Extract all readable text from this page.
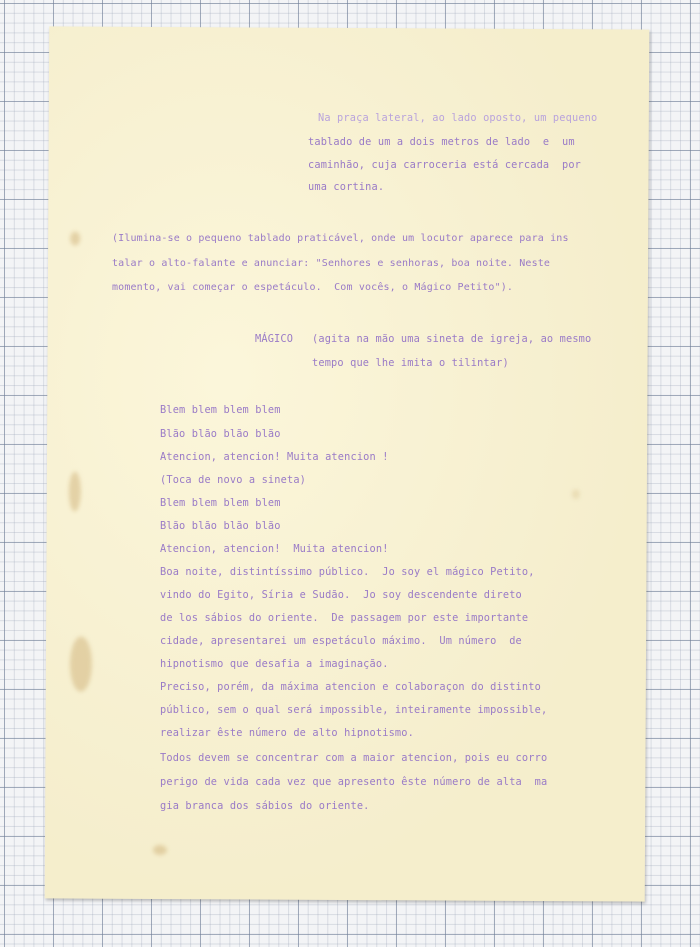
Na praça lateral, ao lado oposto, um pequeno

tablado de um a dois metros de lado  e  um

caminhão, cuja carroceria está cercada  por

uma cortina.

(Ilumina-se o pequeno tablado praticável, onde um locutor aparece para ins

talar o alto-falante e anunciar: "Senhores e senhoras, boa noite. Neste

momento, vai começar o espetáculo.  Com vocês, o Mágico Petito").

MÁGICO (agita na mão uma sineta de igreja, ao mesmo

tempo que lhe imita o tilintar)

Blem blem blem blem

Blão blão blão blão

Atencion, atencion! Muita atencion !

(Toca de novo a sineta)

Blem blem blem blem

Blão blão blão blão

Atencion, atencion!  Muita atencion!

Boa noite, distintíssimo público.  Jo soy el mágico Petito,

vindo do Egito, Síria e Sudão.  Jo soy descendente direto

de los sábios do oriente.  De passagem por este importante

cidade, apresentarei um espetáculo máximo.  Um número  de

hipnotismo que desafia a imaginação.

Preciso, porém, da máxima atencion e colaboraçon do distinto

público, sem o qual será impossible, inteiramente impossible,

realizar êste número de alto hipnotismo.

Todos devem se concentrar com a maior atencion, pois eu corro

perigo de vida cada vez que apresento êste número de alta  ma

gia branca dos sábios do oriente.
